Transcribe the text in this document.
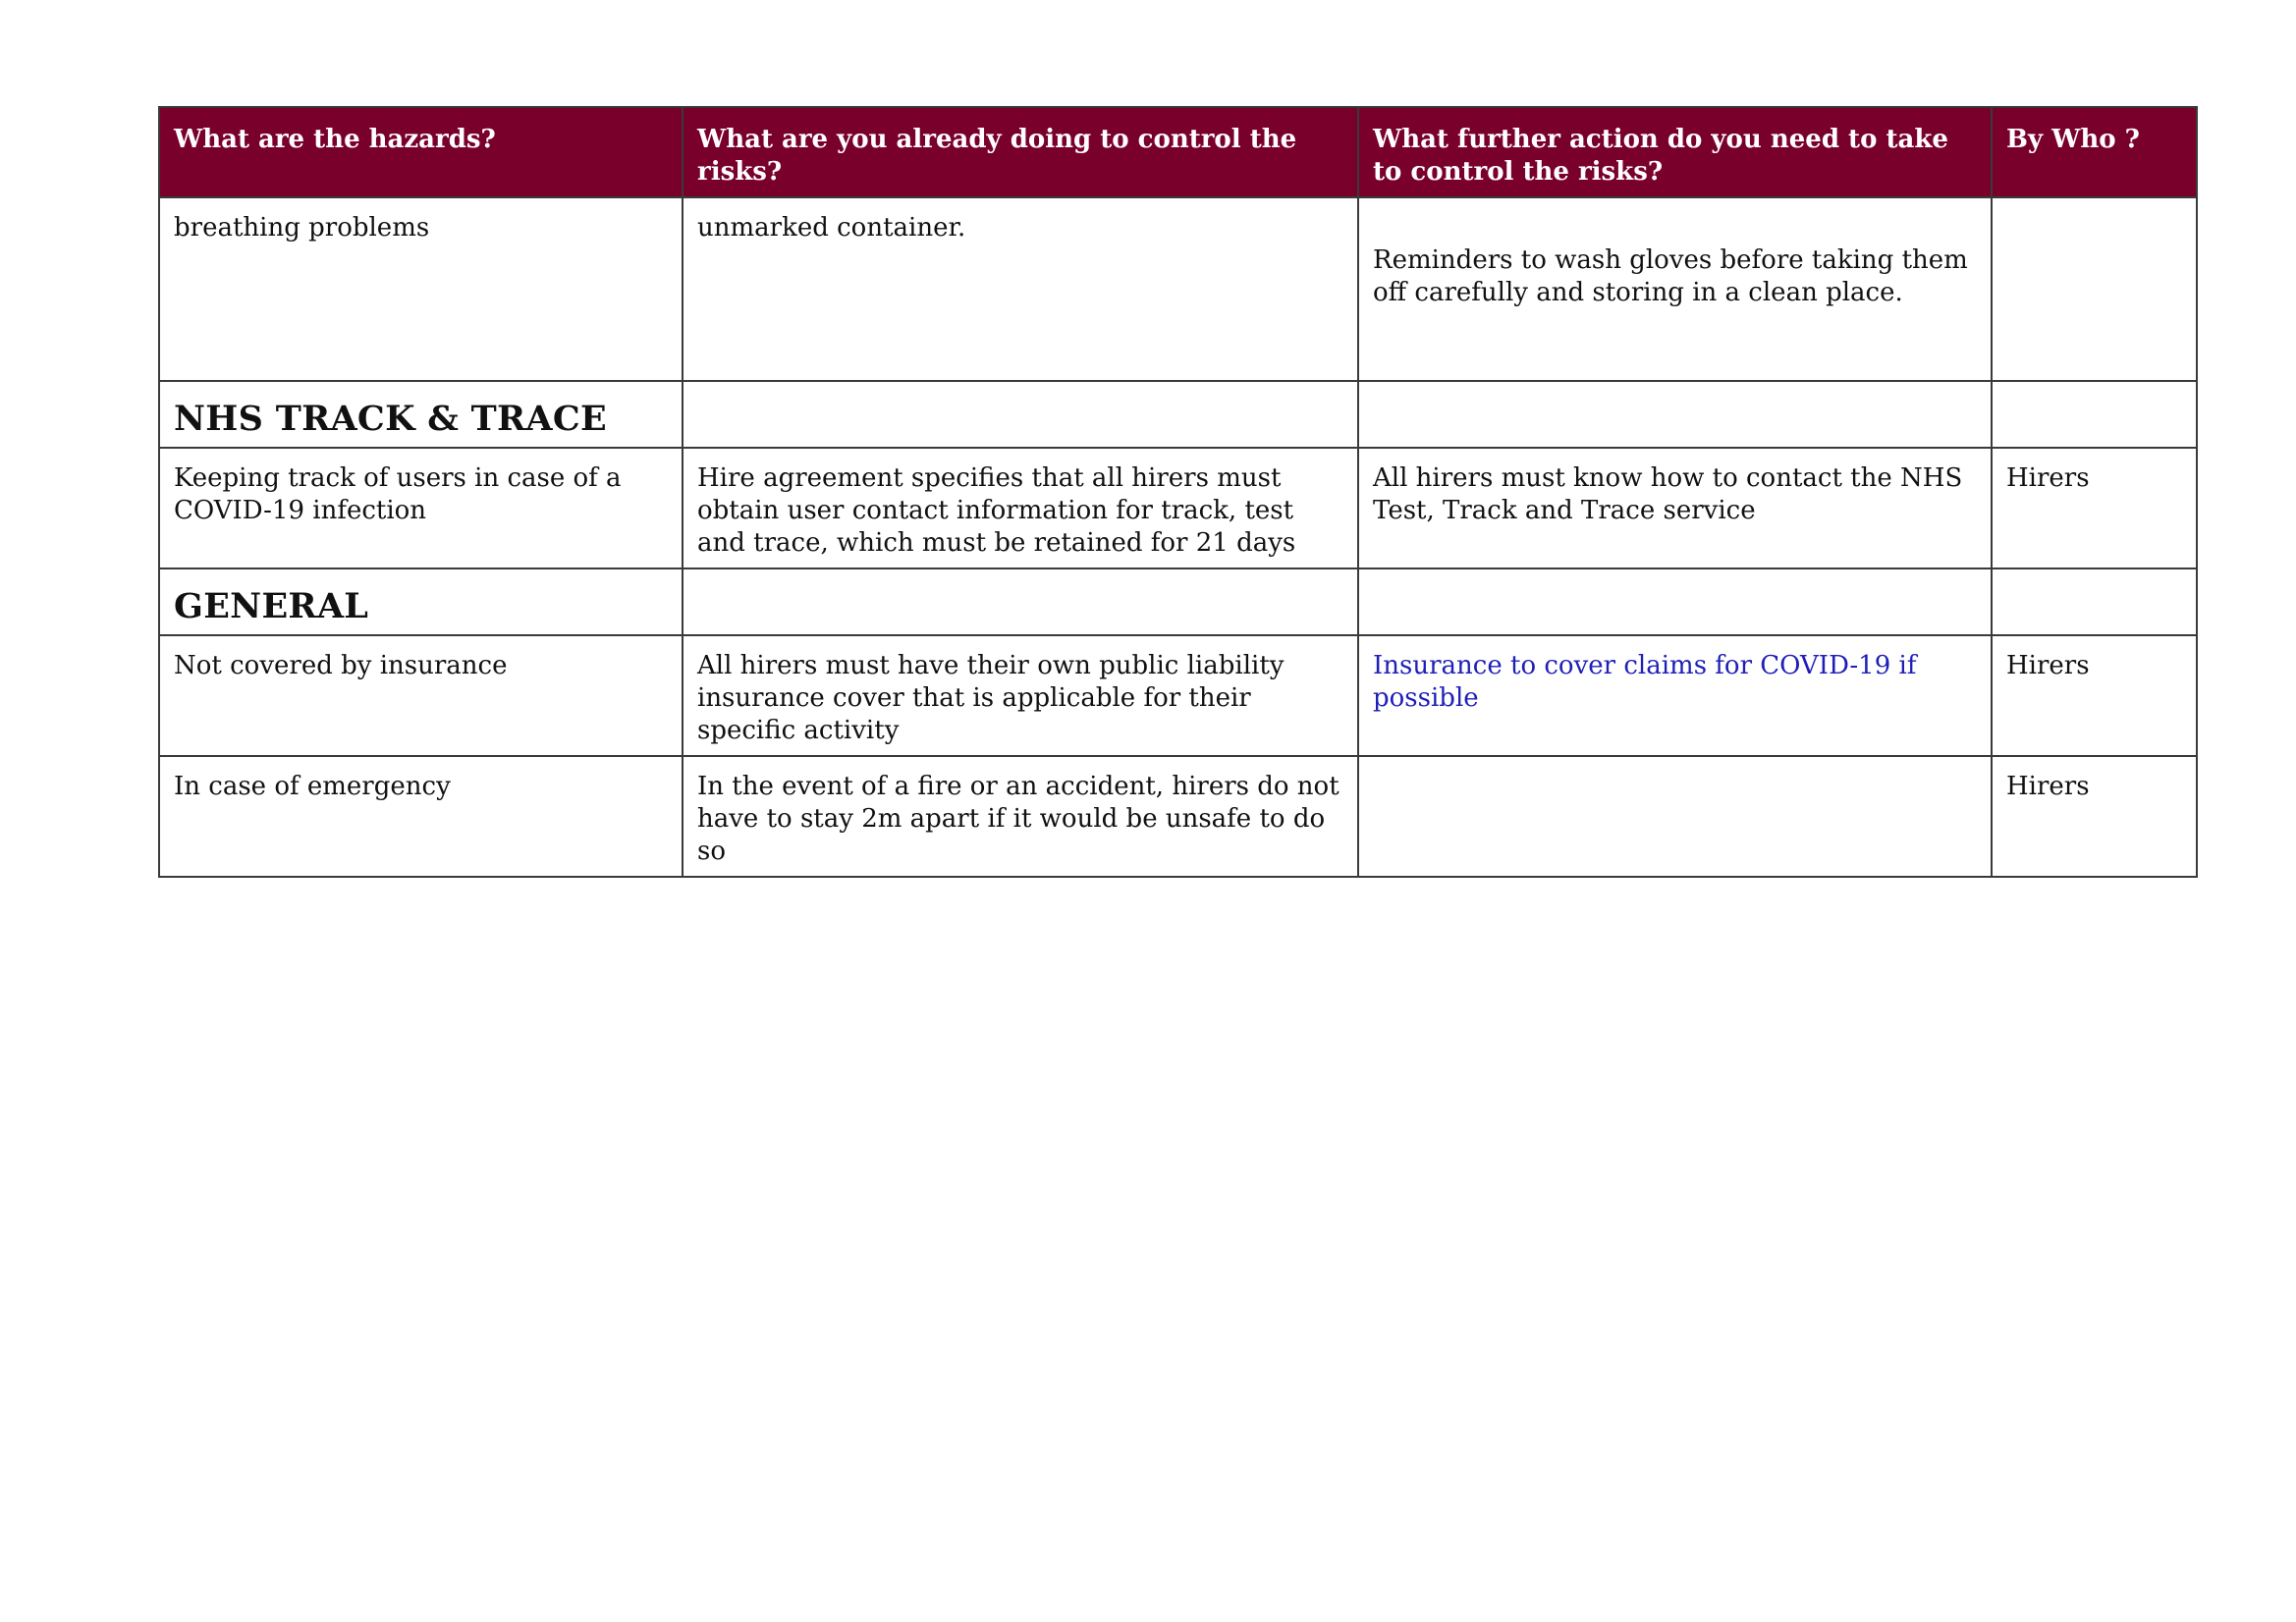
What are the hazards?	What are you already doing to control the risks?	What further action do you need to take to control the risks?	By Who ?
breathing problems	unmarked container.	Reminders to wash gloves before taking them off carefully and storing in a clean place.	
NHS TRACK & TRACE			
Keeping track of users in case of a COVID-19 infection	Hire agreement specifies that all hirers must obtain user contact information for track, test and trace, which must be retained for 21 days	All hirers must know how to contact the NHS Test, Track and Trace service	Hirers
GENERAL			
Not covered by insurance	All hirers must have their own public liability insurance cover that is applicable for their specific activity	Insurance to cover claims for COVID-19 if possible	Hirers
In case of emergency	In the event of a fire or an accident, hirers do not have to stay 2m apart if it would be unsafe to do so		Hirers
